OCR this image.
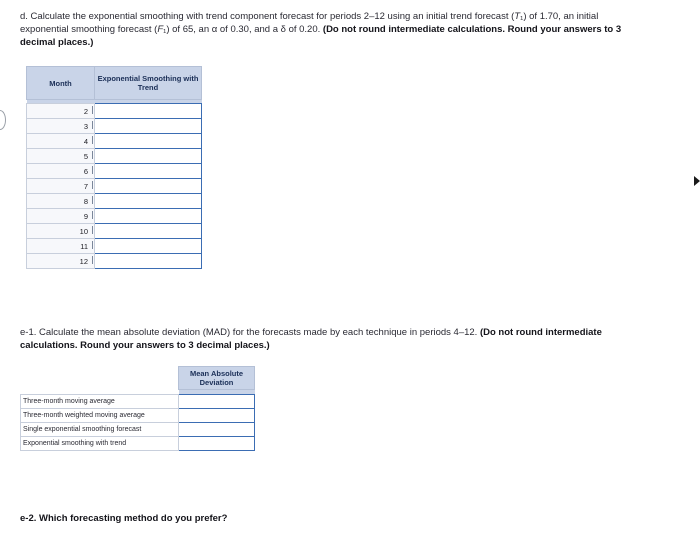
d. Calculate the exponential smoothing with trend component forecast for periods 2–12 using an initial trend forecast (T₁) of 1.70, an initial exponential smoothing forecast (F₁) of 65, an α of 0.30, and a δ of 0.20. (Do not round intermediate calculations. Round your answers to 3 decimal places.)
Month	Exponential Smoothing with Trend

2	
3	
4	
5	
6	
7	
8	
9	
10	
11	
12	
e-1. Calculate the mean absolute deviation (MAD) for the forecasts made by each technique in periods 4–12. (Do not round intermediate calculations. Round your answers to 3 decimal places.)
	Mean Absolute Deviation

Three-month moving average	
Three-month weighted moving average	
Single exponential smoothing forecast	
Exponential smoothing with trend	
e-2. Which forecasting method do you prefer?
